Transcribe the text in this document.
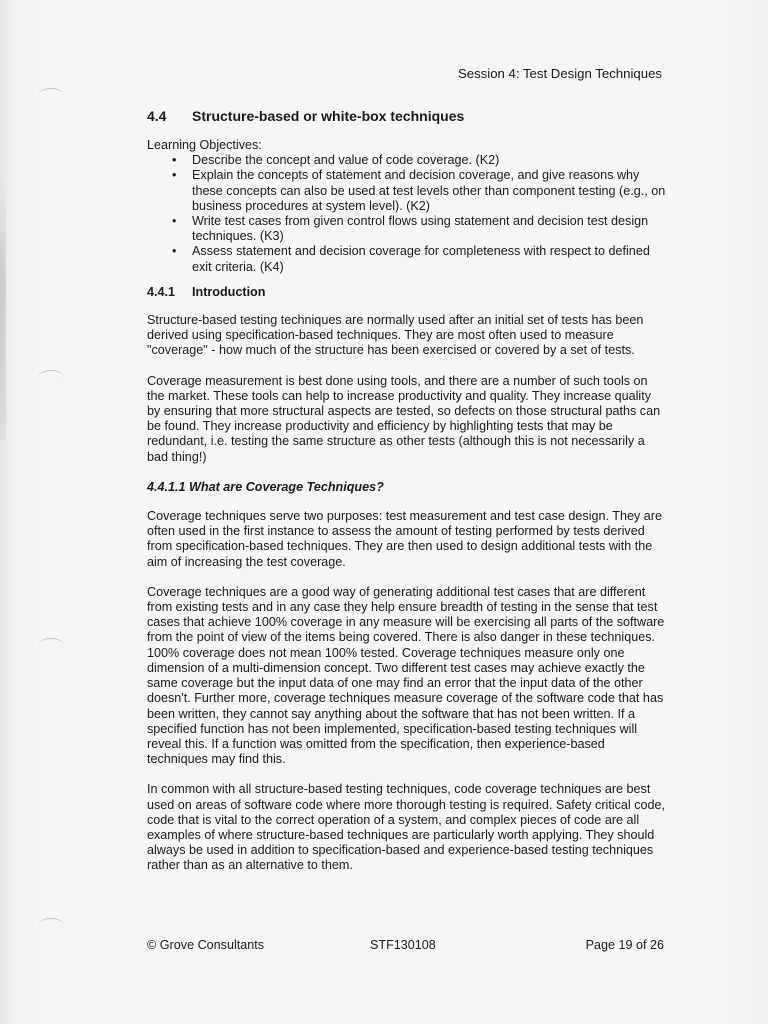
Session 4: Test Design Techniques
4.4 Structure-based or white-box techniques

Learning Objectives:

• Describe the concept and value of code coverage. (K2)
• Explain the concepts of statement and decision coverage, and give reasons why these concepts can also be used at test levels other than component testing (e.g., on business procedures at system level). (K2)
• Write test cases from given control flows using statement and decision test design techniques. (K3)
• Assess statement and decision coverage for completeness with respect to defined exit criteria. (K4)

4.4.1 Introduction

Structure-based testing techniques are normally used after an initial set of tests has been derived using specification-based techniques. They are most often used to measure "coverage" - how much of the structure has been exercised or covered by a set of tests.

Coverage measurement is best done using tools, and there are a number of such tools on the market. These tools can help to increase productivity and quality. They increase quality by ensuring that more structural aspects are tested, so defects on those structural paths can be found. They increase productivity and efficiency by highlighting tests that may be redundant, i.e. testing the same structure as other tests (although this is not necessarily a bad thing!)

4.4.1.1 What are Coverage Techniques?

Coverage techniques serve two purposes: test measurement and test case design. They are often used in the first instance to assess the amount of testing performed by tests derived from specification-based techniques. They are then used to design additional tests with the aim of increasing the test coverage.

Coverage techniques are a good way of generating additional test cases that are different from existing tests and in any case they help ensure breadth of testing in the sense that test cases that achieve 100% coverage in any measure will be exercising all parts of the software from the point of view of the items being covered. There is also danger in these techniques. 100% coverage does not mean 100% tested. Coverage techniques measure only one dimension of a multi-dimension concept. Two different test cases may achieve exactly the same coverage but the input data of one may find an error that the input data of the other doesn't. Further more, coverage techniques measure coverage of the software code that has been written, they cannot say anything about the software that has not been written. If a specified function has not been implemented, specification-based testing techniques will reveal this. If a function was omitted from the specification, then experience-based techniques may find this.

In common with all structure-based testing techniques, code coverage techniques are best used on areas of software code where more thorough testing is required. Safety critical code, code that is vital to the correct operation of a system, and complex pieces of code are all examples of where structure-based techniques are particularly worth applying. They should always be used in addition to specification-based and experience-based testing techniques rather than as an alternative to them.

© Grove Consultants	STF130108	Page 19 of 26
